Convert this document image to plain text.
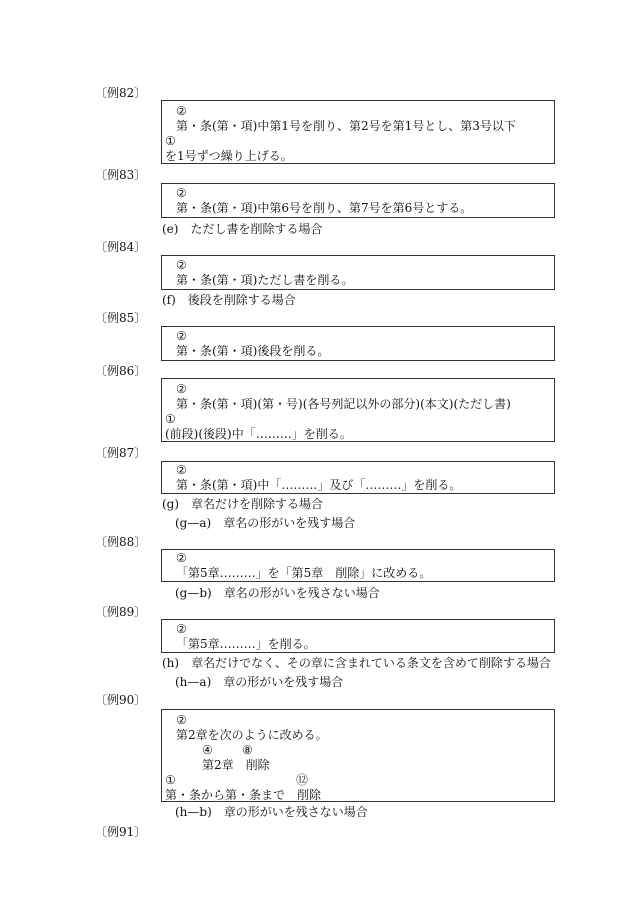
〔例82〕
②
第・条(第・項)中第1号を削り、第2号を第1号とし、第3号以下
①
を1号ずつ繰り上げる。
〔例83〕
②
第・条(第・項)中第6号を削り、第7号を第6号とする。
(e)　ただし書を削除する場合
〔例84〕
②
第・条(第・項)ただし書を削る。
(f)　後段を削除する場合
〔例85〕
②
第・条(第・項)後段を削る。
〔例86〕
②
第・条(第・項)(第・号)(各号列記以外の部分)(本文)(ただし書)
①
(前段)(後段)中「………」を削る。
〔例87〕
②
第・条(第・項)中「………」及び「………」を削る。
(g)　章名だけを削除する場合
(g—a)　章名の形がいを残す場合
〔例88〕
②
「第5章………」を「第5章　削除」に改める。
(g—b)　章名の形がいを残さない場合
〔例89〕
②
「第5章………」を削る。
(h)　章名だけでなく、その章に含まれている条文を含めて削除する場合
(h—a)　章の形がいを残す場合
〔例90〕
②
第2章を次のように改める。
④ ⑧
第2章　削除
①	⑫
第・条から第・条まで　削除
(h—b)　章の形がいを残さない場合
〔例91〕
